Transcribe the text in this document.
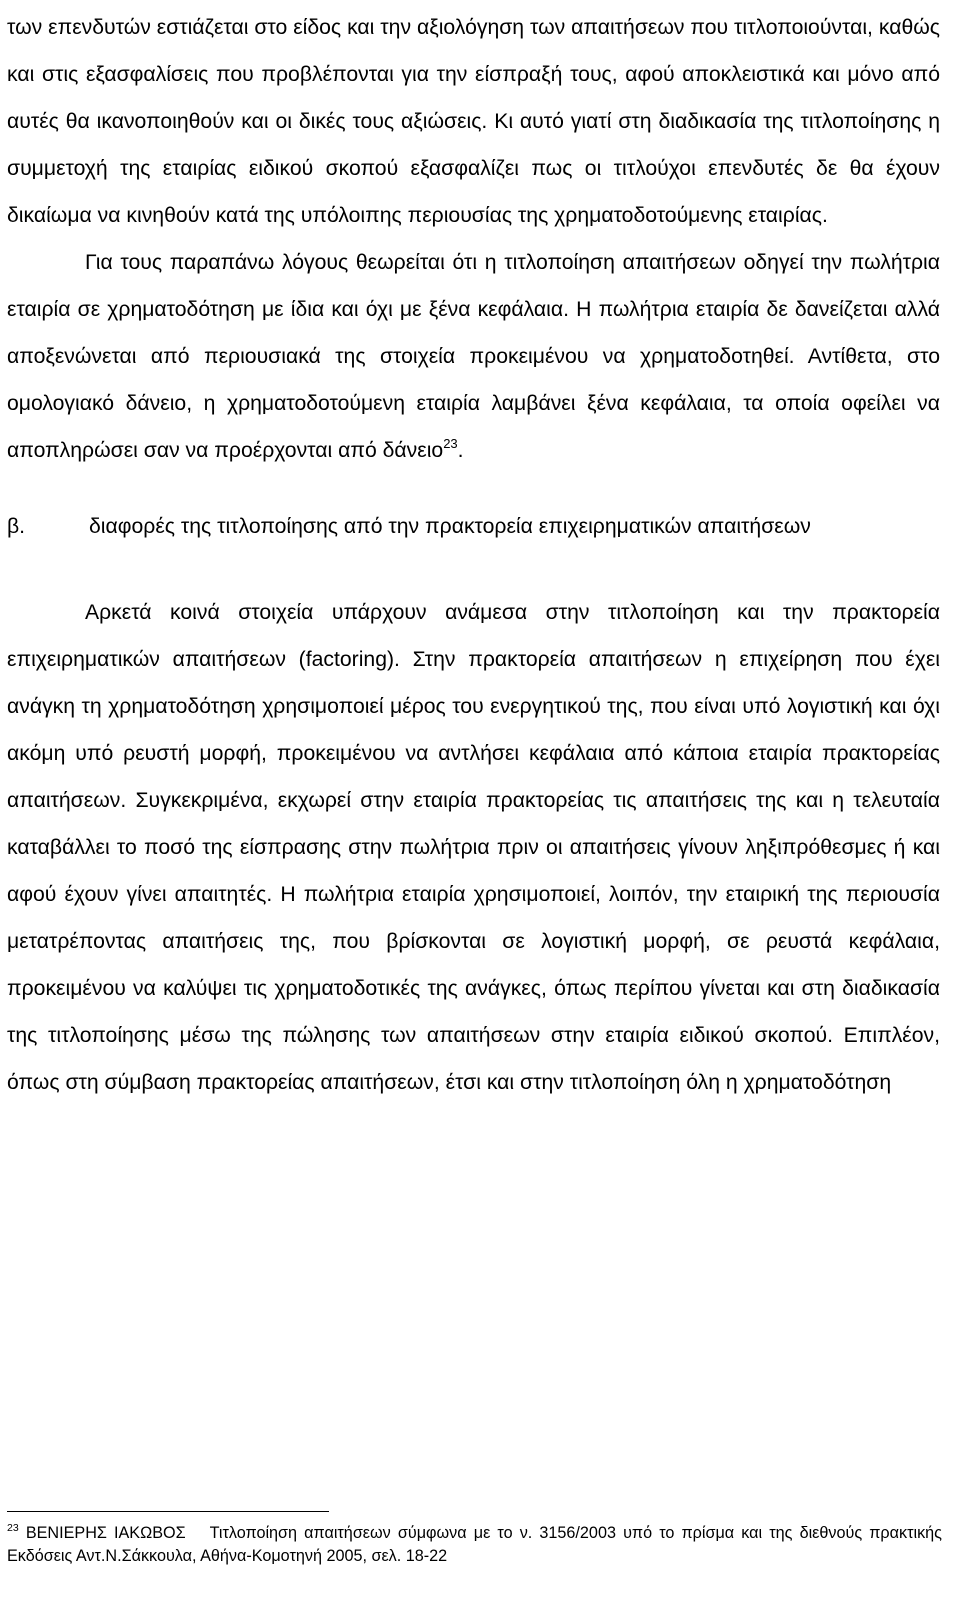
των επενδυτών εστιάζεται στο είδος και την αξιολόγηση των απαιτήσεων που τιτλοποιούνται, καθώς και στις εξασφαλίσεις που προβλέπονται για την είσπραξή τους, αφού αποκλειστικά και μόνο από αυτές θα ικανοποιηθούν και οι δικές τους αξιώσεις. Κι αυτό γιατί στη διαδικασία της τιτλοποίησης η συμμετοχή της εταιρίας ειδικού σκοπού εξασφαλίζει πως οι τιτλούχοι επενδυτές δε θα έχουν δικαίωμα να κινηθούν κατά της υπόλοιπης περιουσίας της χρηματοδοτούμενης εταιρίας.

Για τους παραπάνω λόγους θεωρείται ότι η τιτλοποίηση απαιτήσεων οδηγεί την πωλήτρια εταιρία σε χρηματοδότηση με ίδια και όχι με ξένα κεφάλαια. Η πωλήτρια εταιρία δε δανείζεται αλλά αποξενώνεται από περιουσιακά της στοιχεία προκειμένου να χρηματοδοτηθεί. Αντίθετα, στο ομολογιακό δάνειο, η χρηματοδοτούμενη εταιρία λαμβάνει ξένα κεφάλαια, τα οποία οφείλει να αποπληρώσει σαν να προέρχονται από δάνειο$^{23}$.

β.	διαφορές της τιτλοποίησης από την πρακτορεία επιχειρηματικών απαιτήσεων

Αρκετά κοινά στοιχεία υπάρχουν ανάμεσα στην τιτλοποίηση και την πρακτορεία επιχειρηματικών απαιτήσεων (factoring). Στην πρακτορεία απαιτήσεων η επιχείρηση που έχει ανάγκη τη χρηματοδότηση χρησιμοποιεί μέρος του ενεργητικού της, που είναι υπό λογιστική και όχι ακόμη υπό ρευστή μορφή, προκειμένου να αντλήσει κεφάλαια από κάποια εταιρία πρακτορείας απαιτήσεων. Συγκεκριμένα, εκχωρεί στην εταιρία πρακτορείας τις απαιτήσεις της και η τελευταία καταβάλλει το ποσό της είσπρασης στην πωλήτρια πριν οι απαιτήσεις γίνουν ληξιπρόθεσμες ή και αφού έχουν γίνει απαιτητές. Η πωλήτρια εταιρία χρησιμοποιεί, λοιπόν, την εταιρική της περιουσία μετατρέποντας απαιτήσεις της, που βρίσκονται σε λογιστική μορφή, σε ρευστά κεφάλαια, προκειμένου να καλύψει τις χρηματοδοτικές της ανάγκες, όπως περίπου γίνεται και στη διαδικασία της τιτλοποίησης μέσω της πώλησης των απαιτήσεων στην εταιρία ειδικού σκοπού. Επιπλέον, όπως στη σύμβαση πρακτορείας απαιτήσεων, έτσι και στην τιτλοποίηση όλη η χρηματοδότηση

$^{23}$ ΒΕΝΙΕΡΗΣ ΙΑΚΩΒΟΣ Τιτλοποίηση απαιτήσεων σύμφωνα με το ν. 3156/2003 υπό το πρίσμα και της διεθνούς πρακτικής Εκδόσεις Αντ.Ν.Σάκκουλα, Αθήνα-Κομοτηνή 2005, σελ. 18-22
